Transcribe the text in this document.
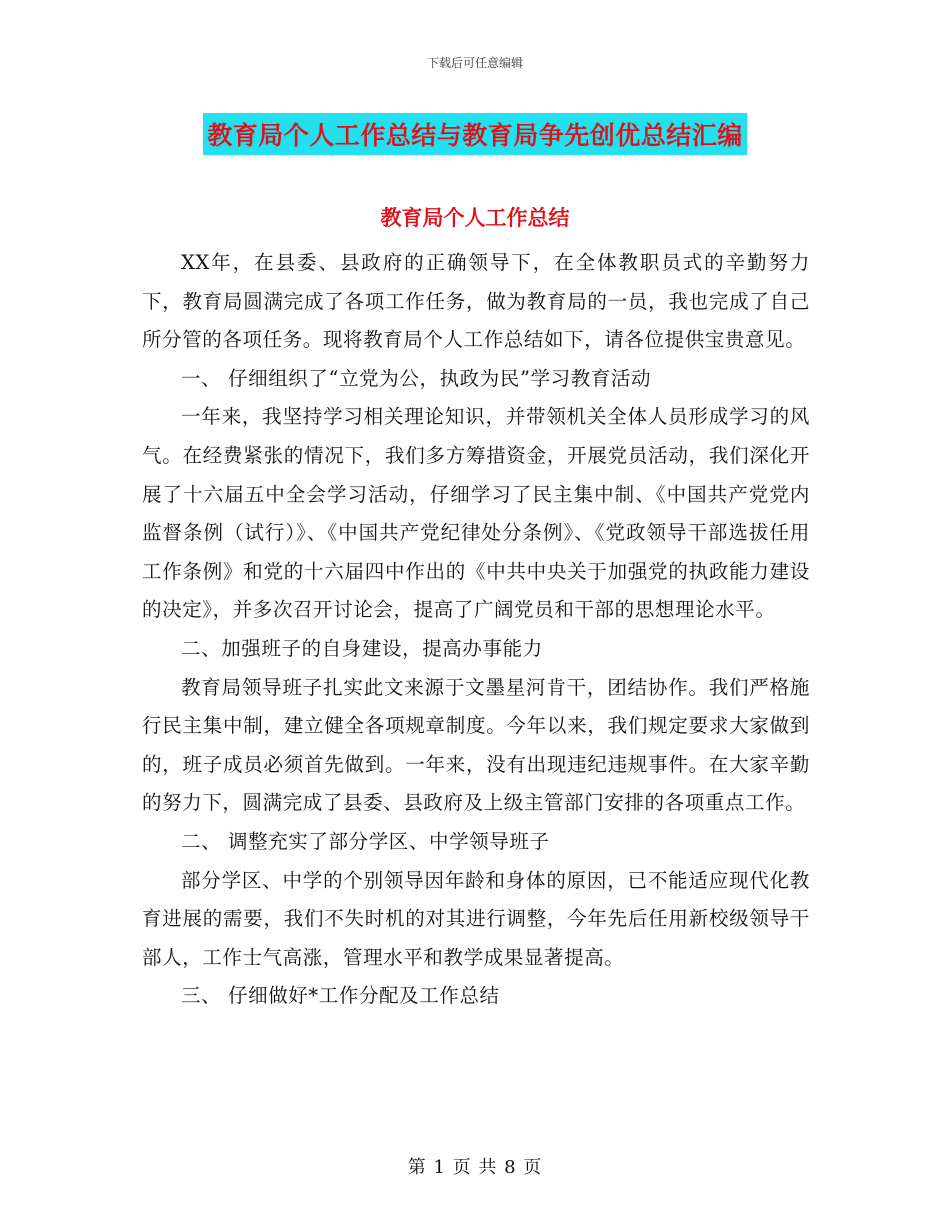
下载后可任意编辑
教育局个人工作总结与教育局争先创优总结汇编
教育局个人工作总结

XX年，在县委、县政府的正确领导下，在全体教职员式的辛勤努力下，教育局圆满完成了各项工作任务，做为教育局的一员，我也完成了自己所分管的各项任务。现将教育局个人工作总结如下，请各位提供宝贵意见。

一、 仔细组织了“立党为公，执政为民”学习教育活动

一年来，我坚持学习相关理论知识，并带领机关全体人员形成学习的风气。在经费紧张的情况下，我们多方筹措资金，开展党员活动，我们深化开展了十六届五中全会学习活动，仔细学习了民主集中制、《中国共产党党内监督条例（试行）》、《中国共产党纪律处分条例》、《党政领导干部选拔任用工作条例》和党的十六届四中作出的《中共中央关于加强党的执政能力建设的决定》，并多次召开讨论会，提高了广阔党员和干部的思想理论水平。

二、加强班子的自身建设，提高办事能力

教育局领导班子扎实此文来源于文墨星河肯干，团结协作。我们严格施行民主集中制，建立健全各项规章制度。今年以来，我们规定要求大家做到的，班子成员必须首先做到。一年来，没有出现违纪违规事件。在大家辛勤的努力下，圆满完成了县委、县政府及上级主管部门安排的各项重点工作。

二、 调整充实了部分学区、中学领导班子

部分学区、中学的个别领导因年龄和身体的原因，已不能适应现代化教育进展的需要，我们不失时机的对其进行调整，今年先后任用新校级领导干部人，工作士气高涨，管理水平和教学成果显著提高。

三、 仔细做好*工作分配及工作总结

第 1 页 共 8 页
